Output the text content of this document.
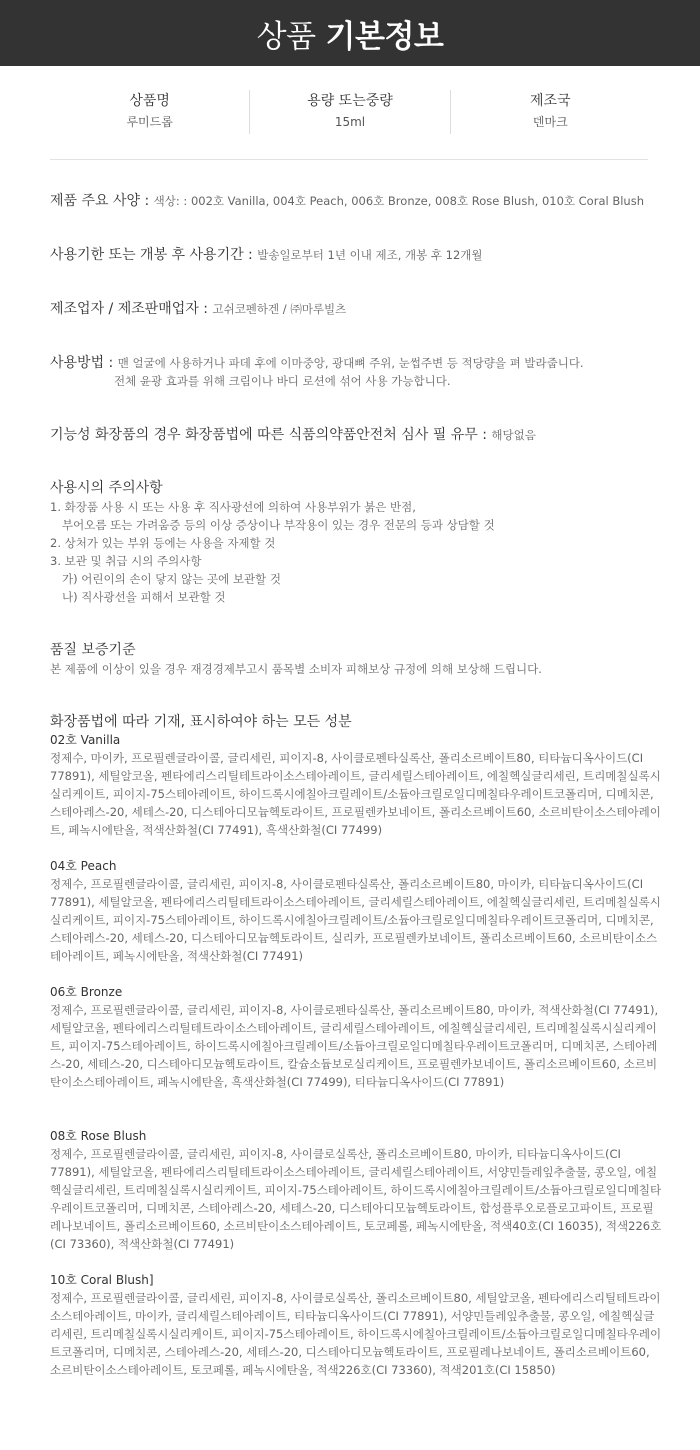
상품 기본정보
상품명
루미드롭
용량 또는중량
15ml
제조국
덴마크
제품 주요 사양 : 색상: : 002호 Vanilla, 004호 Peach, 006호 Bronze, 008호 Rose Blush, 010호 Coral Blush
사용기한 또는 개봉 후 사용기간 : 발송일로부터 1년 이내 제조, 개봉 후 12개월
제조업자 / 제조판매업자 : 고쉬코펜하겐 / ㈜마루빌츠
사용방법 : 맨 얼굴에 사용하거나 파데 후에 이마중앙, 광대뼈 주위, 눈썹주변 등 적당량을 펴 발라줍니다.
전체 윤광 효과를 위해 크림이나 바디 로션에 섞어 사용 가능합니다.
기능성 화장품의 경우 화장품법에 따른 식품의약품안전처 심사 필 유무 : 해당없음
사용시의 주의사항
1. 화장품 사용 시 또는 사용 후 직사광선에 의하여 사용부위가 붉은 반점,
부어오름 또는 가려움증 등의 이상 증상이나 부작용이 있는 경우 전문의 등과 상담할 것
2. 상처가 있는 부위 등에는 사용을 자제할 것
3. 보관 및 취급 시의 주의사항
가) 어린이의 손이 닿지 않는 곳에 보관할 것
나) 직사광선을 피해서 보관할 것
품질 보증기준
본 제품에 이상이 있을 경우 재경경제부고시 품목별 소비자 피해보상 규정에 의해 보상해 드립니다.
화장품법에 따라 기재, 표시하여야 하는 모든 성분
02호 Vanilla
정제수, 마이카, 프로필렌글라이콜, 글리세린, 피이지-8, 사이클로펜타실록산, 폴리소르베이트80, 티타늄디옥사이드(CI 77891), 세틸알코올, 펜타에리스리틸테트라이소스테아레이트, 글리세릴스테아레이트, 에칠헥실글리세린, 트리메칠실록시실리케이트, 피이지-75스테아레이트, 하이드록시에칠아크릴레이트/소듐아크릴로일디메칠타우레이트코폴리머, 디메치콘, 스테아레스-20, 세테스-20, 디스테아디모늄헥토라이트, 프로필렌카보네이트, 폴리소르베이트60, 소르비탄이소스테아레이트, 페녹시에탄올, 적색산화철(CI 77491), 흑색산화철(CI 77499)
04호 Peach
정제수, 프로필렌글라이콜, 글리세린, 피이지-8, 사이클로펜타실록산, 폴리소르베이트80, 마이카, 티타늄디옥사이드(CI 77891), 세틸알코올, 펜타에리스리틸테트라이소스테아레이트, 글리세릴스테아레이트, 에칠헥실글리세린, 트리메칠실록시실리케이트, 피이지-75스테아레이트, 하이드록시에칠아크릴레이트/소듐아크릴로일디메칠타우레이트코폴리머, 디메치콘, 스테아레스-20, 세테스-20, 디스테아디모늄헥토라이트, 실리카, 프로필렌카보네이트, 폴리소르베이트60, 소르비탄이소스테아레이트, 페녹시에탄올, 적색산화철(CI 77491)
06호 Bronze
정제수, 프로필렌글라이콜, 글리세린, 피이지-8, 사이클로펜타실록산, 폴리소르베이트80, 마이카, 적색산화철(CI 77491), 세틸알코올, 펜타에리스리틸테트라이소스테아레이트, 글리세릴스테아레이트, 에칠헥실글리세린, 트리메칠실록시실리케이트, 피이지-75스테아레이트, 하이드록시에칠아크릴레이트/소듐아크릴로일디메칠타우레이트코폴리머, 디메치콘, 스테아레스-20, 세테스-20, 디스테아디모늄헥토라이트, 칼슘소듐보로실리케이트, 프로필렌카보네이트, 폴리소르베이트60, 소르비탄이소스테아레이트, 페녹시에탄올, 흑색산화철(CI 77499), 티타늄디옥사이드(CI 77891)
08호 Rose Blush
정제수, 프로필렌글라이콜, 글리세린, 피이지-8, 사이클로실록산, 폴리소르베이트80, 마이카, 티타늄디옥사이드(CI 77891), 세틸알코올, 펜타에리스리틸테트라이소스테아레이트, 글리세릴스테아레이트, 서양민들레잎추출물, 콩오일, 에칠헥실글리세린, 트리메칠실록시실리케이트, 피이지-75스테아레이트, 하이드록시에칠아크릴레이트/소듐아크릴로일디메칠타우레이트코폴리머, 디메치콘, 스테아레스-20, 세테스-20, 디스테아디모늄헥토라이트, 합성플루오로플로고파이트, 프로필레나보네이트, 폴리소르베이트60, 소르비탄이소스테아레이트, 토코페롤, 페녹시에탄올, 적색40호(CI 16035), 적색226호(CI 73360), 적색산화철(CI 77491)
10호 Coral Blush]
정제수, 프로필렌글라이콜, 글리세린, 피이지-8, 사이클로실록산, 폴리소르베이트80, 세틸알코올, 펜타에리스리틸테트라이소스테아레이트, 마이카, 글리세릴스테아레이트, 티타늄디옥사이드(CI 77891), 서양민들레잎추출물, 콩오일, 에칠헥실글리세린, 트리메칠실록시실리케이트, 피이지-75스테아레이트, 하이드록시에칠아크릴레이트/소듐아크릴로일디메칠타우레이트코폴리머, 디메치콘, 스테아레스-20, 세테스-20, 디스테아디모늄헥토라이트, 프로필레나보네이트, 폴리소르베이트60, 소르비탄이소스테아레이트, 토코페롤, 페녹시에탄올, 적색226호(CI 73360), 적색201호(CI 15850)
